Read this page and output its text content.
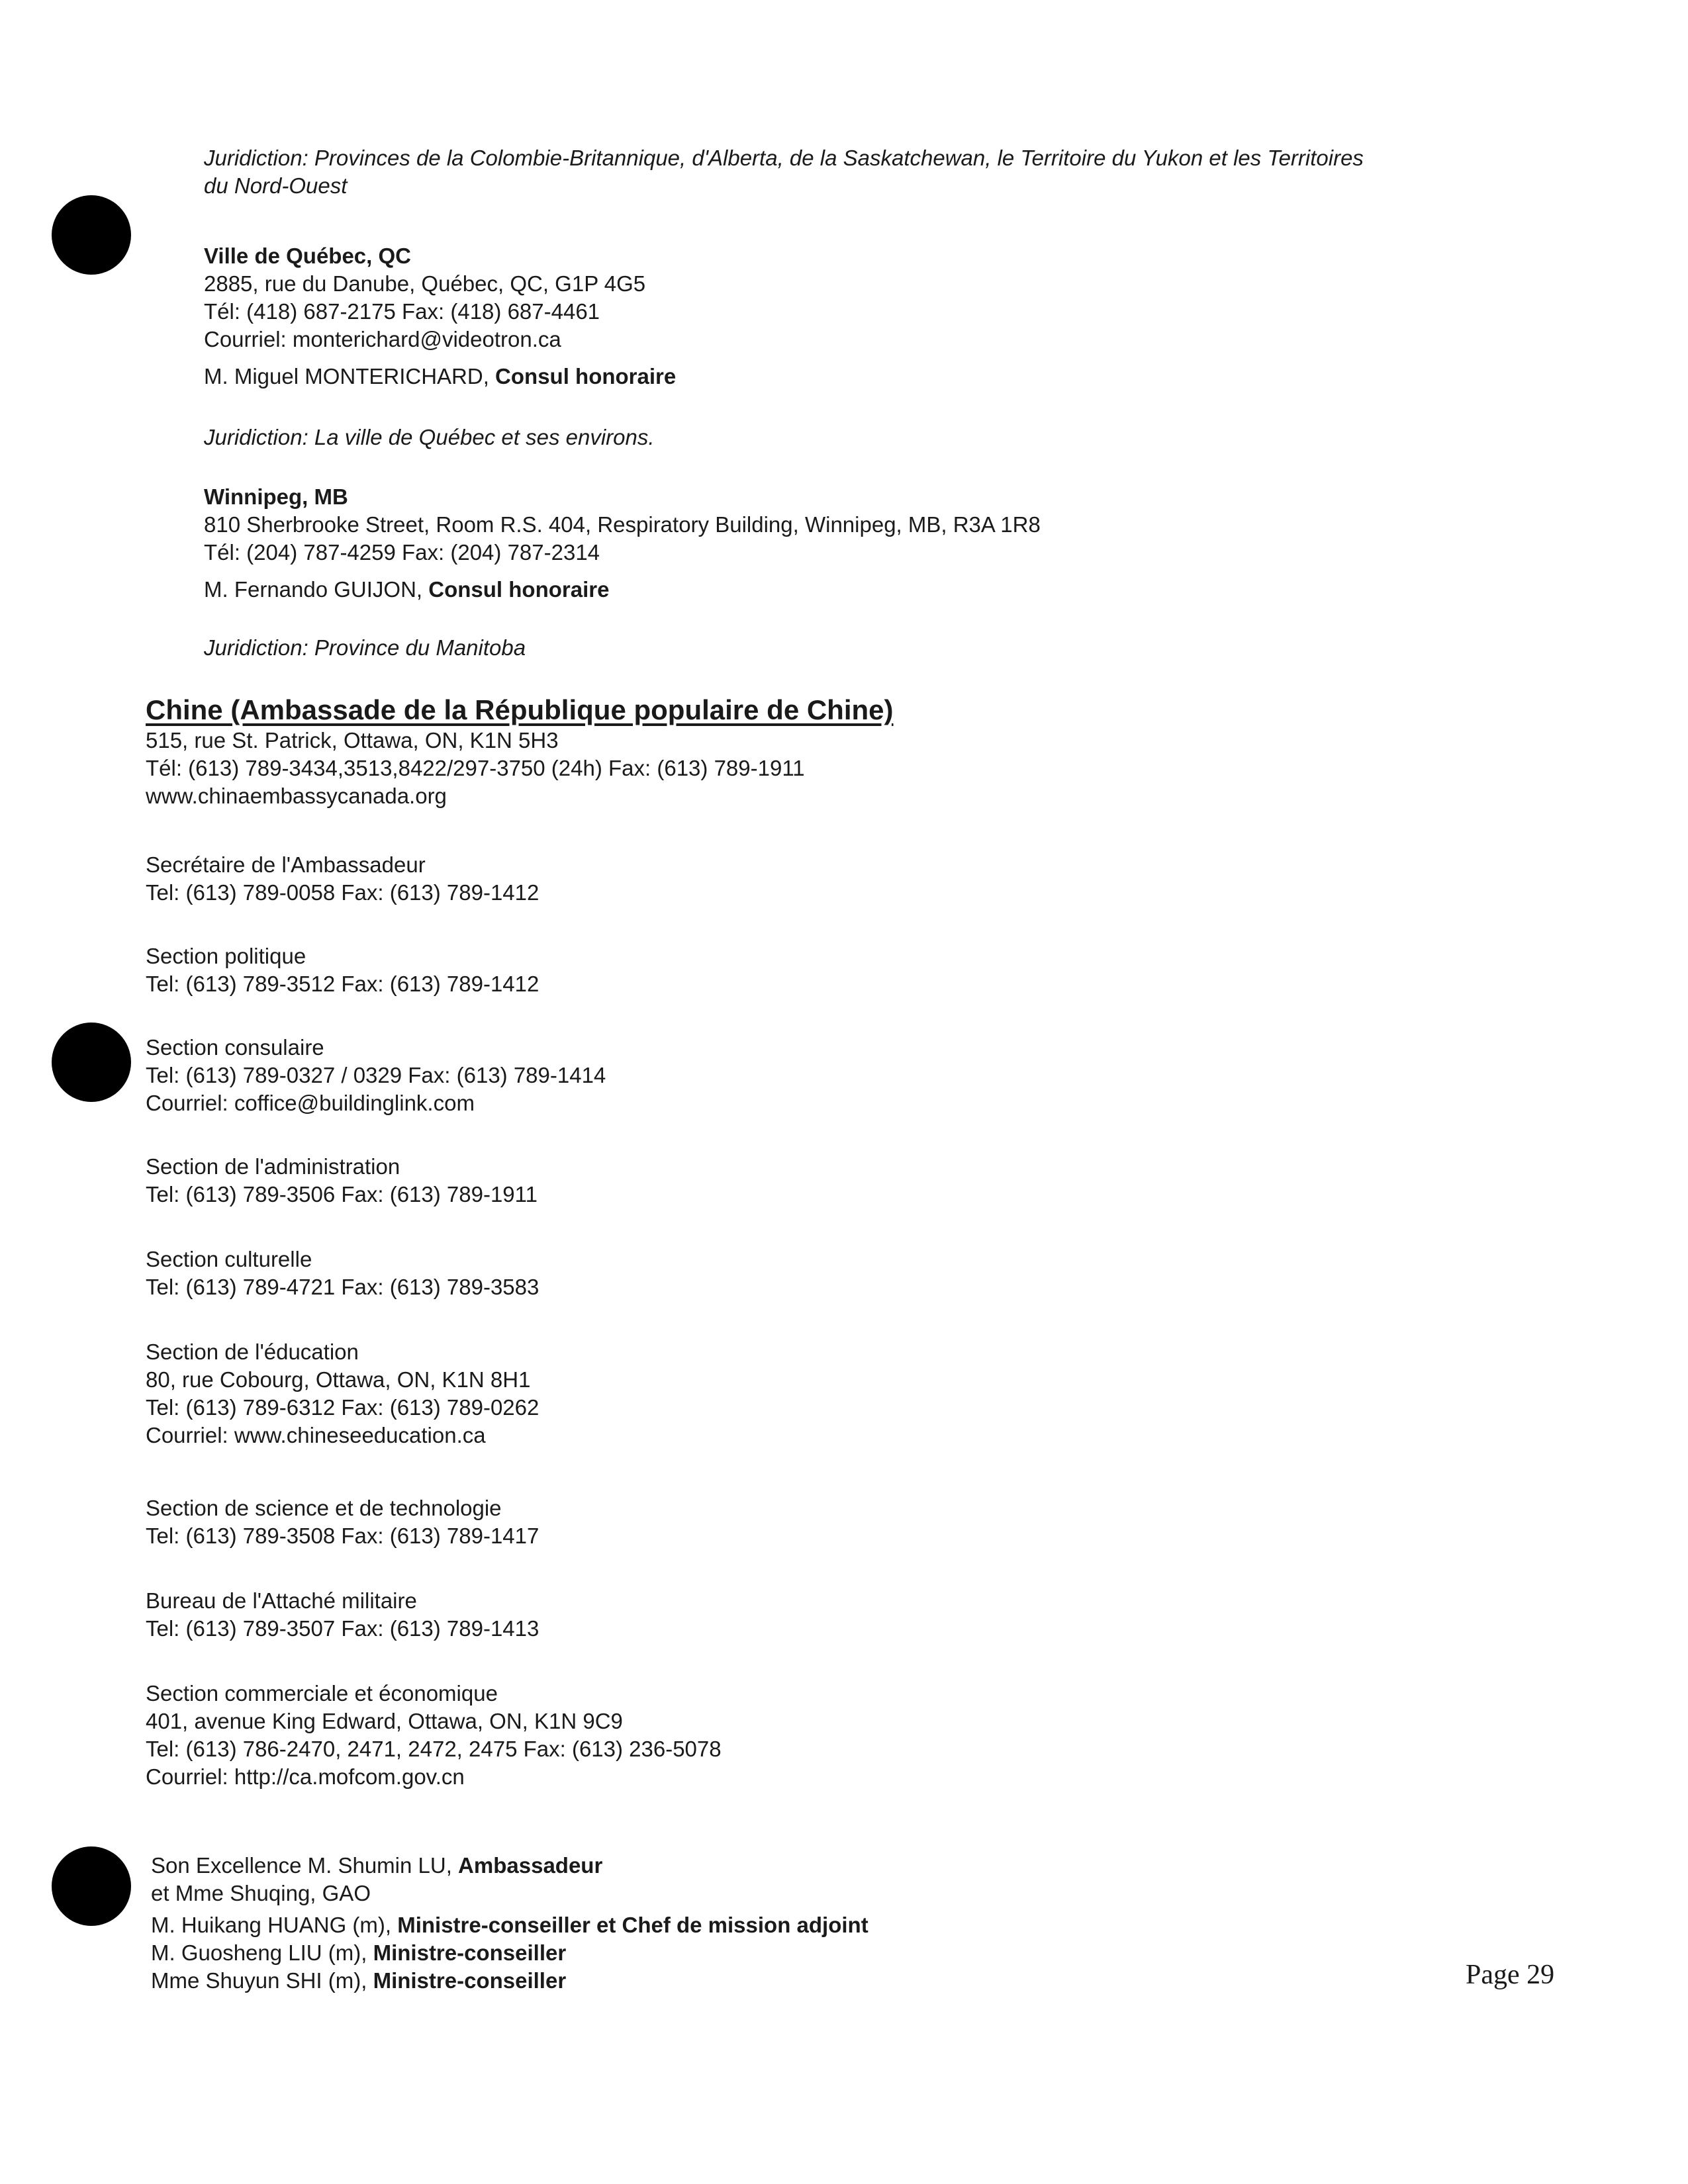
Juridiction: Provinces de la Colombie-Britannique, d'Alberta, de la Saskatchewan, le Territoire du Yukon et les Territoires
du Nord-Ouest
Ville de Québec, QC
2885, rue du Danube, Québec, QC, G1P 4G5
Tél: (418) 687-2175 Fax: (418) 687-4461
Courriel: monterichard@videotron.ca
M. Miguel MONTERICHARD, Consul honoraire
Juridiction: La ville de Québec et ses environs.
Winnipeg, MB
810 Sherbrooke Street, Room R.S. 404, Respiratory Building, Winnipeg, MB, R3A 1R8
Tél: (204) 787-4259 Fax: (204) 787-2314
M. Fernando GUIJON, Consul honoraire
Juridiction: Province du Manitoba
Chine (Ambassade de la République populaire de Chine)
515, rue St. Patrick, Ottawa, ON, K1N 5H3
Tél: (613) 789-3434,3513,8422/297-3750 (24h) Fax: (613) 789-1911
www.chinaembassycanada.org
Secrétaire de l'Ambassadeur
Tel: (613) 789-0058 Fax: (613) 789-1412
Section politique
Tel: (613) 789-3512 Fax: (613) 789-1412
Section consulaire
Tel: (613) 789-0327 / 0329 Fax: (613) 789-1414
Courriel: coffice@buildinglink.com
Section de l'administration
Tel: (613) 789-3506 Fax: (613) 789-1911
Section culturelle
Tel: (613) 789-4721 Fax: (613) 789-3583
Section de l'éducation
80, rue Cobourg, Ottawa, ON, K1N 8H1
Tel: (613) 789-6312 Fax: (613) 789-0262
Courriel: www.chineseeducation.ca
Section de science et de technologie
Tel: (613) 789-3508 Fax: (613) 789-1417
Bureau de l'Attaché militaire
Tel: (613) 789-3507 Fax: (613) 789-1413
Section commerciale et économique
401, avenue King Edward, Ottawa, ON, K1N 9C9
Tel: (613) 786-2470, 2471, 2472, 2475 Fax: (613) 236-5078
Courriel: http://ca.mofcom.gov.cn
Son Excellence M. Shumin LU, Ambassadeur
et Mme Shuqing, GAO
M. Huikang HUANG (m), Ministre-conseiller et Chef de mission adjoint
M. Guosheng LIU (m), Ministre-conseiller
Mme Shuyun SHI (m), Ministre-conseiller	Page 29
